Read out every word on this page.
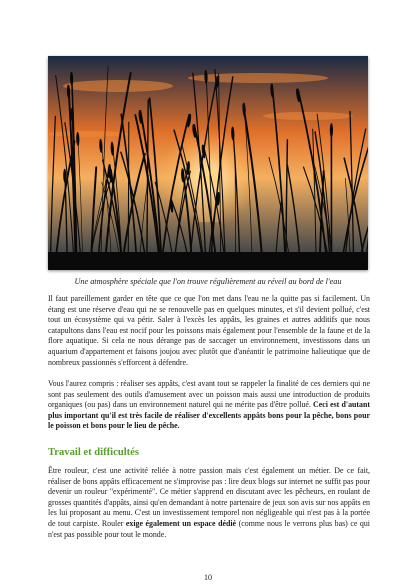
Une atmosphère spéciale que l'on trouve régulièrement au réveil au bord de l'eau

Il faut pareillement garder en tête que ce que l'on met dans l'eau ne la quitte pas si facilement. Un étang est une réserve d'eau qui ne se renouvelle pas en quelques minutes, et s'il devient pollué, c'est tout un écosystème qui va périr. Saler à l'excès les appâts, les graines et autres additifs que nous catapultons dans l'eau est nocif pour les poissons mais également pour l'ensemble de la faune et de la flore aquatique. Si cela ne nous dérange pas de saccager un environnement, investissons dans un aquarium d'appartement et faisons joujou avec plutôt que d'anéantir le patrimoine halieutique que de nombreux passionnés s'efforcent à défendre.

Vous l'aurez compris : réaliser ses appâts, c'est avant tout se rappeler la finalité de ces derniers qui ne sont pas seulement des outils d'amusement avec un poisson mais aussi une introduction de produits organiques (ou pas) dans un environnement naturel qui ne mérite pas d'être pollué. Ceci est d'autant plus important qu'il est très facile de réaliser d'excellents appâts bons pour la pêche, bons pour le poisson et bons pour le lieu de pêche.

Travail et difficultés

Être rouleur, c'est une activité reliée à notre passion mais c'est également un métier. De ce fait, réaliser de bons appâts efficacement ne s'improvise pas : lire deux blogs sur internet ne suffit pas pour devenir un rouleur "expérimenté". Ce métier s'apprend en discutant avec les pêcheurs, en roulant de grosses quantités d'appâts, ainsi qu'en demandant à notre partenaire de jeux son avis sur nos appâts en les lui proposant au menu. C'est un investissement temporel non négligeable qui n'est pas à la portée de tout carpiste. Rouler exige également un espace dédié (comme nous le verrons plus bas) ce qui n'est pas possible pour tout le monde.

10
